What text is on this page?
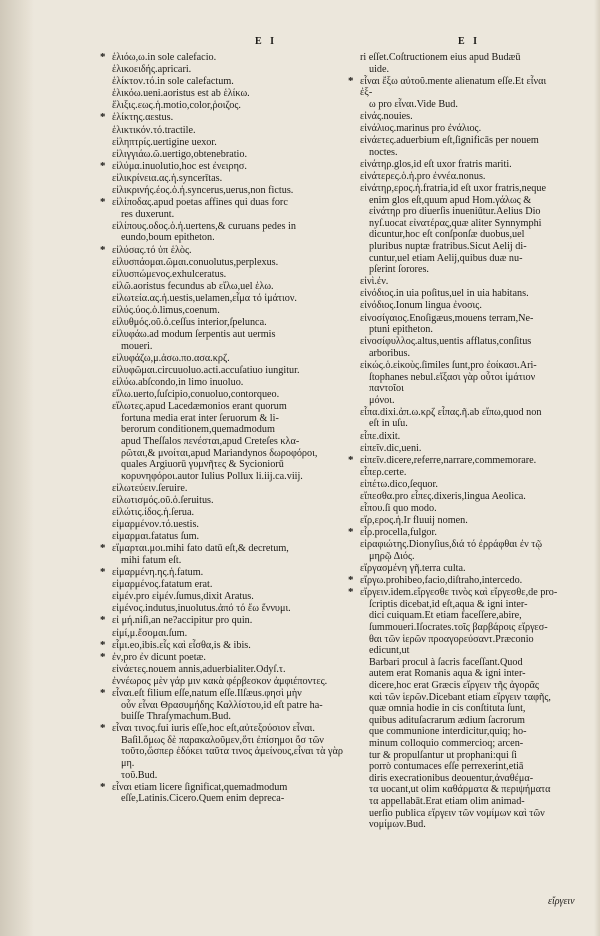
E I	E I
* ἑλιόω,ω.in sole calefacio.
ἑλικοειδής.apricari.
ἑλίκτον.τό.in sole calefactum.
ἑλικόω.ueni.aoristus est ab ἑλίκω.
ἕλιξις.εως.ἡ.motio,color,ῥοιζος.
* ἑλίκτης.αεstus.
ἑλικτικόν.τό.tractile.
εἰληπτρίς.uertigine uexor.
εἰλιγγιάω.ῶ.uertigo,obtenebratio.
* εἰλύμα.inuolutio,hoc est ἐνειρησ.
εἰλικρίνεια.ας.ἡ.syncerītas.
εἰλικρινής.έος.ὁ.ἡ.syncerus,uerus,non fictus.
* εἰλίποδας.apud poetas affines qui duas forc
res duxerunt.
εἰλίπους.οδος.ὁ.ἡ.uertens,& curuans pedes in
eundo,boum epitheton.
* εἰλύσας.τό ὑπ ἑλὸς.
εἰλυσπάομαι.ῶμαι.conuolutus,perplexus.
εἰλυσπώμενος.exhulceratus.
εἰλῶ.aoristus fecundus ab εἴλω,uel ἑλω.
εἰλωτεία.ας.ἡ.uestis,uelamen,εἶμα τό ἱμάτιον.
εἰλύς.ύος.ὁ.limus,coenum.
εἰλυθμός.οῦ.ὁ.ceſſus interior,ſpelunca.
εἰλυφάω.ad modum ſerpentis aut uermis
moueri.
εἰλυφάζω,μ.ἀσω.πο.ασα.κρζ.
εἰλυφῶμαι.circuuoluo.acti.accuſatiuo iungitur.
εἰλύω.abſcondo,in limo inuoluo.
εἴλω.uerto,ſuſcipio,conuoluo,contorqueo.
εἵλωτες.apud Lacedæmonios erant quorum
fortuna media erat inter ſeruorum & li-
berorum conditionem,quemadmodum
apud Theſſalos πενέσται,apud Creteſes κλα-
ρῶται,& μνοίται,apud Mariandynos δωροφόροι,
quales Argiuorū γυμνῆτες & Sycioniorū
κορυνηφόροι.autor Iulius Pollux li.iij.ca.viij.
εἰλωτεύειν.ſeruire.
εἰλωτισμός.οῦ.ὁ.ſeruitus.
εἰλώτις.ίδος.ἡ.ſerua.
εἱμαρμένον.τό.uestis.
εἱμαρμαι.fatatus ſum.
* εἵμαρται.μοι.mihi fato datū eſt,& decretum,
mihi fatum eſt.
* εἱμαρμένη.ης.ἡ.fatum.
εἱμαρμένος.fatatum erat.
εἰμέν.pro εἰμέν.ſumus,dixit Aratus.
εἱμένος.indutus,inuolutus.ἀπό τό ἕω ἕννυμι.
* εἰ μή.niſi,an ne?accipitur pro quin.
εἰμί,μ.ἔσομαι.ſum.
* εἶμι.eo,ibis.εἶς καὶ εἶσθα,is & ibis.
* ἐν,pro ἐν dicunt poetæ.
εἰνάετες.nouem annis,aduerbialiter.Odyſ.τ.
ἐννέωρος μὲν γάρ μιν κακὰ φέρβεσκον ἀμφιέποντες.
* εἶναι.eſt filium eſſe,natum eſſe.Ilſæus.φησὶ μὴν
οὖν εἶναι Θρασυμήδης Καλλίστου,id eſt patre ha-
buiſſe Thraſymachum.Bud.
* εἶναι τινος.fui iuris eſſe,hoc eſt,αὐτεξούσιον εἶναι.
Baſil.ὅμως δὲ παρακαλοῦμεν,ὅτι ἐπίσημοι ὄσ τῶν
τοῦτο,ὥσπερ ἐδόκει ταῦτα τινος ἀμείνους,εἶναι τὰ γὰρ μη.
τοῦ.Bud.
* εἶναι etiam licere ſignificat,quemadmodum
eſſe,Latinis.Cicero.Quem enim depreca-
ri eſſet.Coſtructionem eius apud Budæū
uide.
* εἶναι ἔξω αὐτοῦ.mente alienatum eſſe.Et εἶναι ἐξ-
ω pro εἶναι.Vide Bud.
εἰνάς.nouies.
εἰνάλιος.marinus pro ἐνάλιος.
εἰνάετες.aduerbium eſt,ſignificās per nouem
noctes.
εἰνάτηρ.glos,id eſt uxor fratris mariti.
εἰνάτερες.ὁ.ἡ.pro ἐννέα.nonus.
εἰνάτηρ,ερος.ἡ.fratria,id eſt uxor fratris,neque
enim glos eſt,quum apud Hom.γάλως &
εἰνάτηρ pro diuerſis inueniūtur.Aelius Dio
nyſ.uocat εἰνατέρας,quæ aliter Synnymphi
dicuntur,hoc eſt conſponſæ duobus,uel
pluribus nuptæ fratribus.Sicut Aelij di-
cuntur,uel etiam Aelij,quibus duæ nu-
pſerint ſorores.
εἰνὶ.ἐν.
εἰνόδιος.in uia poſitus,uel in uia habitans.
εἰνόδιος.Ionum lingua ἐνοσις.
εἰνοσίγαιος.Enoſigæus,mouens terram,Ne-
ptuni epitheton.
εἰνοσίφυλλος.altus,uentis afflatus,conſitus
arboribus.
εἰκώς.ὁ.εἰκοὺς.ſimiles ſunt,pro ἐοίκασι.Ari-
ſtophanes nebul.εἴξασι γὰρ οὗτοι ἱμάτιον παντοῖοι
μόνοι.
εἶπα.dixi.ἀπ.ω.κρζ εἶπας.ῆ.ab εἴπω,quod non
eſt in uſu.
εἶπε.dixit.
εἰπεῖν.dic,ueni.
* εἰπεῖν.dicere,referre,narrare,commemorare.
εἶπερ.certe.
εἰπέτω.dico,ſequor.
εἴπεσθα.pro εἶπες.dixeris,lingua Aeolica.
εἶπου.ſi quo modo.
εἴρ,ερος.ἡ.Ir fluuij nomen.
* εἶρ.procella,fulgor.
εἰραφιώτης.Dionyſius,διά τό ἐρράφθαι ἐν τῷ
μηρῷ Διός.
εἴργασμένη γῆ.terra culta.
* εἴργω.prohibeo,facio,diſtraho,intercedo.
* εἴργειν.idem.εἴργεσθε τινὸς καὶ εἴργεσθε,de pro-
ſcriptis dicebat,id eſt,aqua & igni inter-
dici cuiquam.Et etiam faceſſere,abire,
ſummoueri.Iſocrates.τοῖς βαρβάροις εἴργεσ-
θαι τῶν ἱερῶν προαγορεύσαντ.Præconio edicunt,ut
Barbari procul à ſacris faceſſant.Quod
autem erat Romanis aqua & igni inter-
dicere,hoc erat Græcis εἴργειν τῆς ἀγορᾶς
καὶ τῶν ἱερῶν.Dicebant etiam εἴργειν ταφῆς,
quæ omnia hodie in cis conſtituta ſunt,
quibus adituſacrarum ædium ſacrorum
que communione interdicitur,quiq; ho-
minum colloquio commercioq; arcen-
tur & propulſantur ut prophani:qui ſi
porrò contumaces eſſe perrexerint,etiā
diris execrationibus deouentur,ἀναθέμα-
τα uocant,ut olim καθάρματα & περιψήματα
τα appellabāt.Erat etiam olim animad-
uerſio publica εἴργειν τῶν νομίμων καὶ τῶν
νομίμων.Bud.
εἴργειν
